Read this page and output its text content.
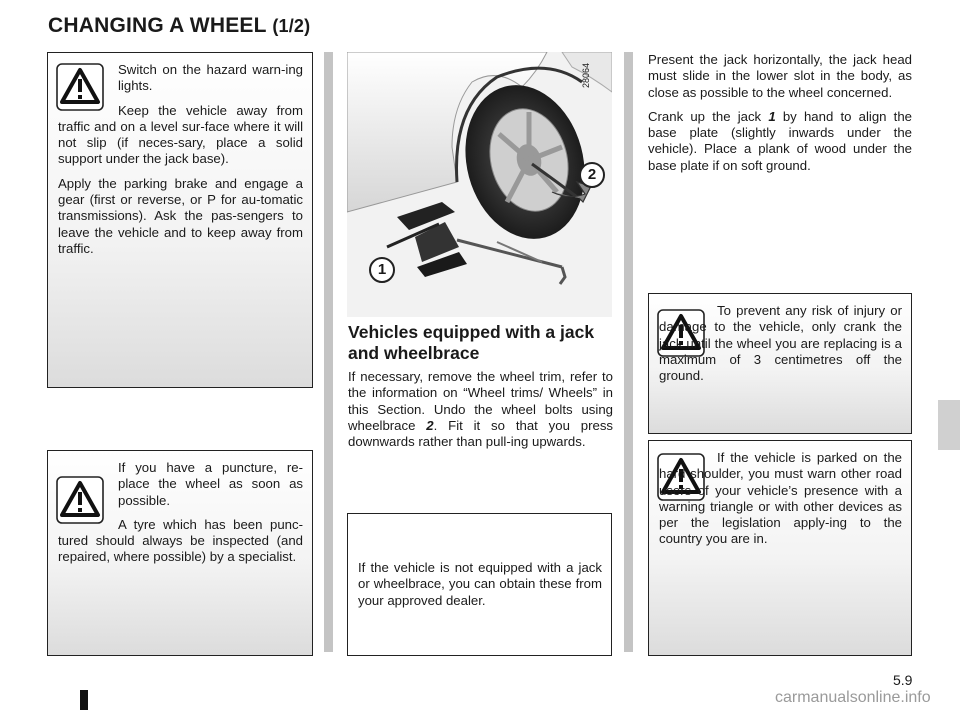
CHANGING A WHEEL (1/2)

Switch on the hazard warn-ing lights.

Keep the vehicle away from traffic and on a level sur-face where it will not slip (if neces-sary, place a solid support under the jack base).

Apply the parking brake and engage a gear (first or reverse, or P for au-tomatic transmissions). Ask the pas-sengers to leave the vehicle and to keep away from traffic.

If you have a puncture, re-place the wheel as soon as possible.

A tyre which has been punc-tured should always be inspected (and repaired, where possible) by a specialist.

28064
1
2
Vehicles equipped with a jack and wheelbrace

If necessary, remove the wheel trim, refer to the information on “Wheel trims/ Wheels” in this Section. Undo the wheel bolts using wheelbrace 2. Fit it so that you press downwards rather than pull-ing upwards.

If the vehicle is not equipped with a jack or wheelbrace, you can obtain these from your approved dealer.

Present the jack horizontally, the jack head must slide in the lower slot in the body, as close as possible to the wheel concerned.

Crank up the jack 1 by hand to align the base plate (slightly inwards under the vehicle). Place a plank of wood under the base plate if on soft ground.

To prevent any risk of injury or damage to the vehicle, only crank the jack until the wheel you are replacing is a maximum of 3 centimetres off the ground.

If the vehicle is parked on the hard shoulder, you must warn other road users of your vehicle’s presence with a warning triangle or with other devices as per the legislation apply-ing to the country you are in.

5.9
carmanualsonline.info
